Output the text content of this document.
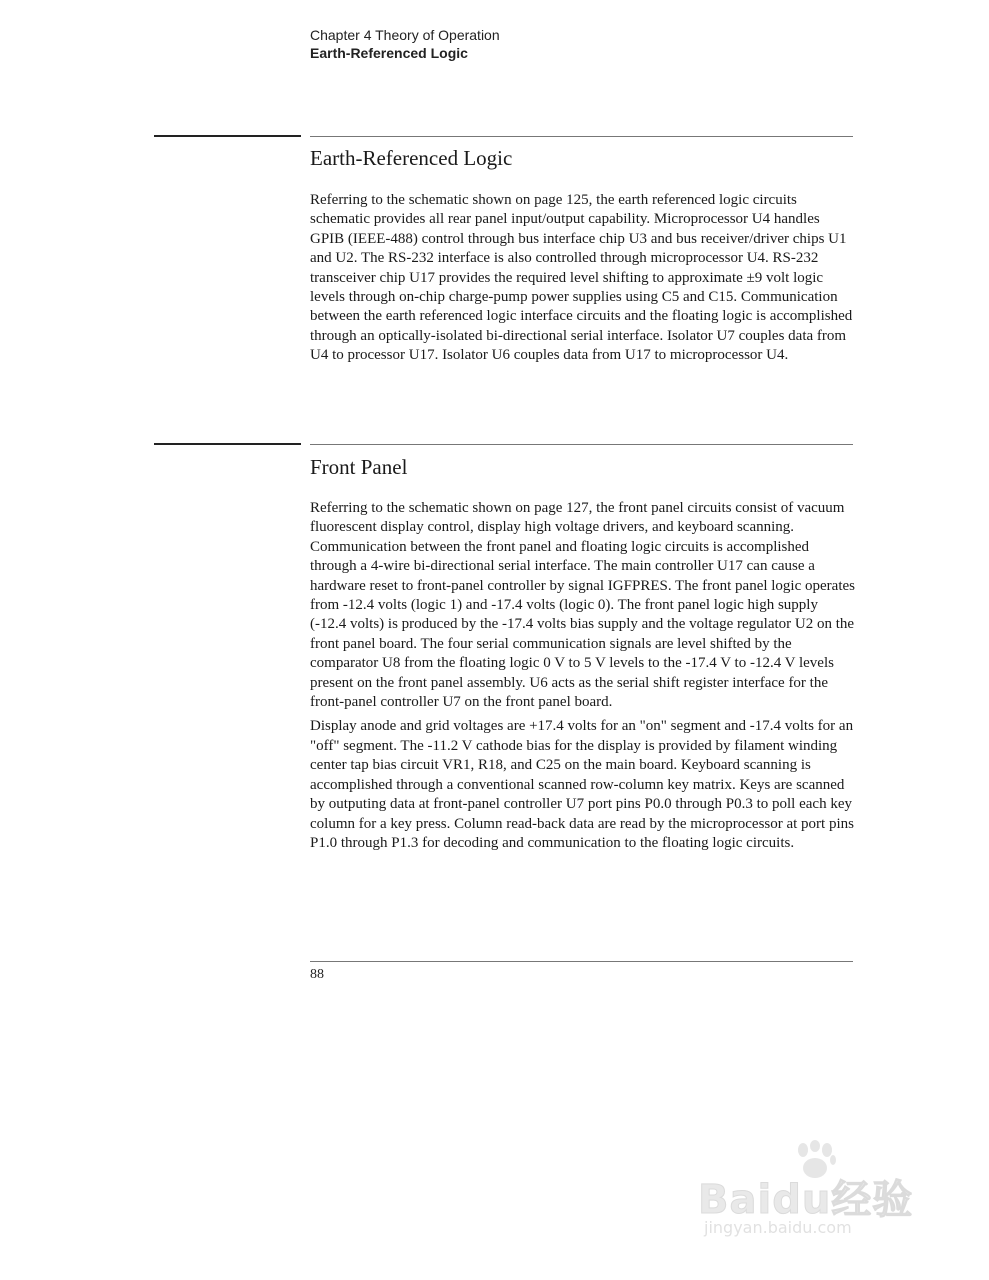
Chapter 4 Theory of Operation
Earth-Referenced Logic
Earth-Referenced Logic

Referring to the schematic shown on page 125, the earth referenced logic circuits schematic provides all rear panel input/output capability. Microprocessor U4 handles GPIB (IEEE-488) control through bus interface chip U3 and bus receiver/driver chips U1 and U2. The RS-232 interface is also controlled through microprocessor U4. RS-232 transceiver chip U17 provides the required level shifting to approximate ±9 volt logic levels through on-chip charge-pump power supplies using C5 and C15. Communication between the earth referenced logic interface circuits and the floating logic is accomplished through an optically-isolated bi-directional serial interface. Isolator U7 couples data from U4 to processor U17. Isolator U6 couples data from U17 to microprocessor U4.

Front Panel

Referring to the schematic shown on page 127, the front panel circuits consist of vacuum fluorescent display control, display high voltage drivers, and keyboard scanning. Communication between the front panel and floating logic circuits is accomplished through a 4-wire bi-directional serial interface. The main controller U17 can cause a hardware reset to front-panel controller by signal IGFPRES. The front panel logic operates from -12.4 volts (logic 1) and -17.4 volts (logic 0). The front panel logic high supply (-12.4 volts) is produced by the -17.4 volts bias supply and the voltage regulator U2 on the front panel board. The four serial communication signals are level shifted by the comparator U8 from the floating logic 0 V to 5 V levels to the -17.4 V to -12.4 V levels present on the front panel assembly. U6 acts as the serial shift register interface for the front-panel controller U7 on the front panel board.

Display anode and grid voltages are +17.4 volts for an "on" segment and -17.4 volts for an "off" segment. The -11.2 V cathode bias for the display is provided by filament winding center tap bias circuit VR1, R18, and C25 on the main board. Keyboard scanning is accomplished through a conventional scanned row-column key matrix. Keys are scanned by outputing data at front-panel controller U7 port pins P0.0 through P0.3 to poll each key column for a key press. Column read-back data are read by the microprocessor at port pins P1.0 through P1.3 for decoding and communication to the floating logic circuits.

88
Baidu经验
jingyan.baidu.com
